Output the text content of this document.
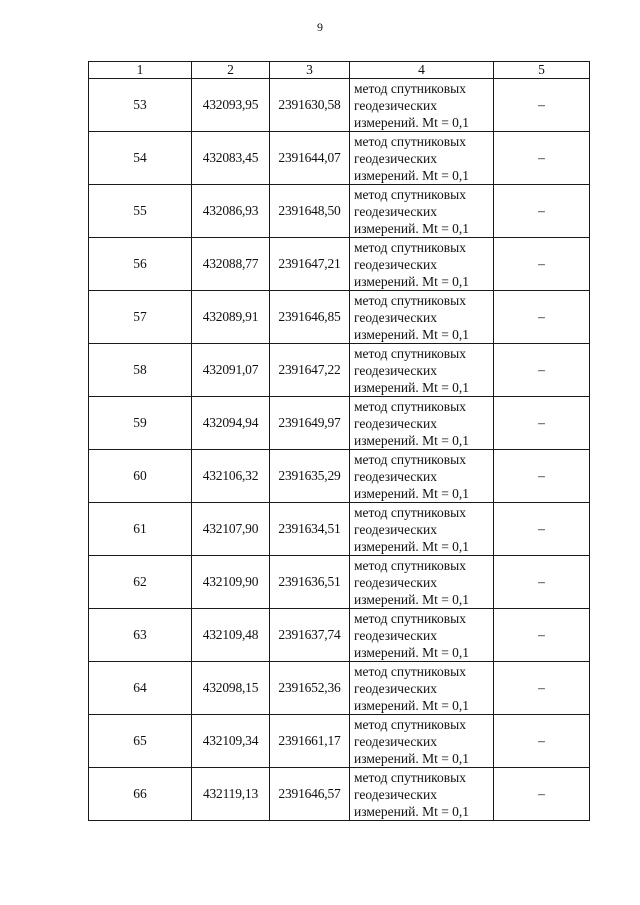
9
1	2	3	4	5
53	432093,95	2391630,58	метод спутниковых
геодезических
измерений. Mt = 0,1	–
54	432083,45	2391644,07	метод спутниковых
геодезических
измерений. Mt = 0,1	–
55	432086,93	2391648,50	метод спутниковых
геодезических
измерений. Mt = 0,1	–
56	432088,77	2391647,21	метод спутниковых
геодезических
измерений. Mt = 0,1	–
57	432089,91	2391646,85	метод спутниковых
геодезических
измерений. Mt = 0,1	–
58	432091,07	2391647,22	метод спутниковых
геодезических
измерений. Mt = 0,1	–
59	432094,94	2391649,97	метод спутниковых
геодезических
измерений. Mt = 0,1	–
60	432106,32	2391635,29	метод спутниковых
геодезических
измерений. Mt = 0,1	–
61	432107,90	2391634,51	метод спутниковых
геодезических
измерений. Mt = 0,1	–
62	432109,90	2391636,51	метод спутниковых
геодезических
измерений. Mt = 0,1	–
63	432109,48	2391637,74	метод спутниковых
геодезических
измерений. Mt = 0,1	–
64	432098,15	2391652,36	метод спутниковых
геодезических
измерений. Mt = 0,1	–
65	432109,34	2391661,17	метод спутниковых
геодезических
измерений. Mt = 0,1	–
66	432119,13	2391646,57	метод спутниковых
геодезических
измерений. Mt = 0,1	–
